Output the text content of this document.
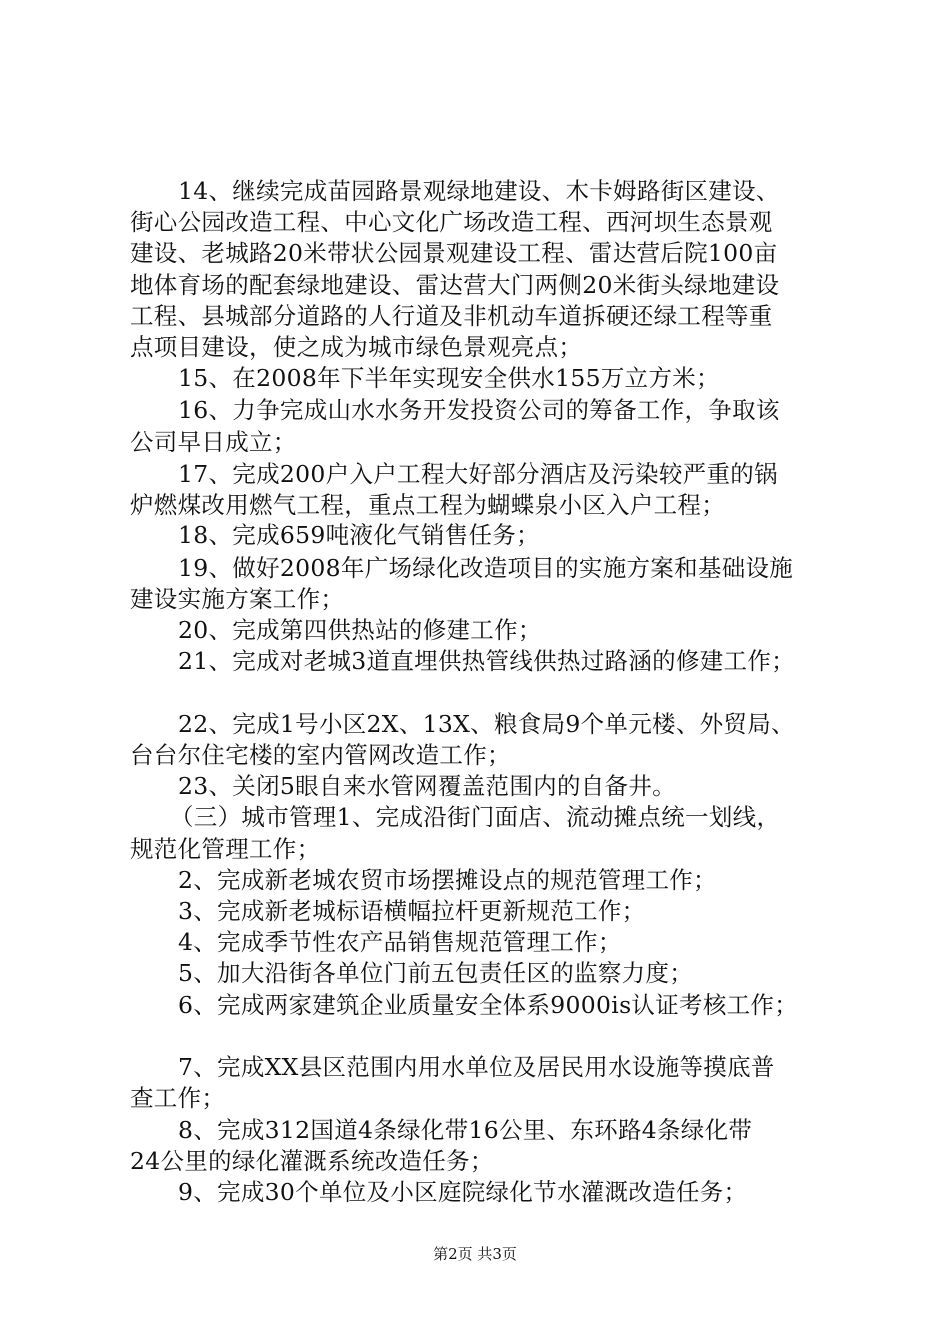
14、继续完成苗园路景观绿地建设、木卡姆路街区建设、

街心公园改造工程、中心文化广场改造工程、西河坝生态景观

建设、老城路20米带状公园景观建设工程、雷达营后院100亩

地体育场的配套绿地建设、雷达营大门两侧20米街头绿地建设

工程、县城部分道路的人行道及非机动车道拆硬还绿工程等重

点项目建设，使之成为城市绿色景观亮点；

15、在2008年下半年实现安全供水155万立方米；

16、力争完成山水水务开发投资公司的筹备工作，争取该

公司早日成立；

17、完成200户入户工程大好部分酒店及污染较严重的锅

炉燃煤改用燃气工程，重点工程为蝴蝶泉小区入户工程；

18、完成659吨液化气销售任务；

19、做好2008年广场绿化改造项目的实施方案和基础设施

建设实施方案工作；

20、完成第四供热站的修建工作；

21、完成对老城3道直埋供热管线供热过路涵的修建工作；

22、完成1号小区2X、13X、粮食局9个单元楼、外贸局、

台台尔住宅楼的室内管网改造工作；

23、关闭5眼自来水管网覆盖范围内的自备井。

（三）城市管理1、完成沿街门面店、流动摊点统一划线，

规范化管理工作；

2、完成新老城农贸市场摆摊设点的规范管理工作；

3、完成新老城标语横幅拉杆更新规范工作；

4、完成季节性农产品销售规范管理工作；

5、加大沿街各单位门前五包责任区的监察力度；

6、完成两家建筑企业质量安全体系9000is认证考核工作；

7、完成XX县区范围内用水单位及居民用水设施等摸底普

查工作；

8、完成312国道4条绿化带16公里、东环路4条绿化带

24公里的绿化灌溉系统改造任务；

9、完成30个单位及小区庭院绿化节水灌溉改造任务；

第2页 共3页
